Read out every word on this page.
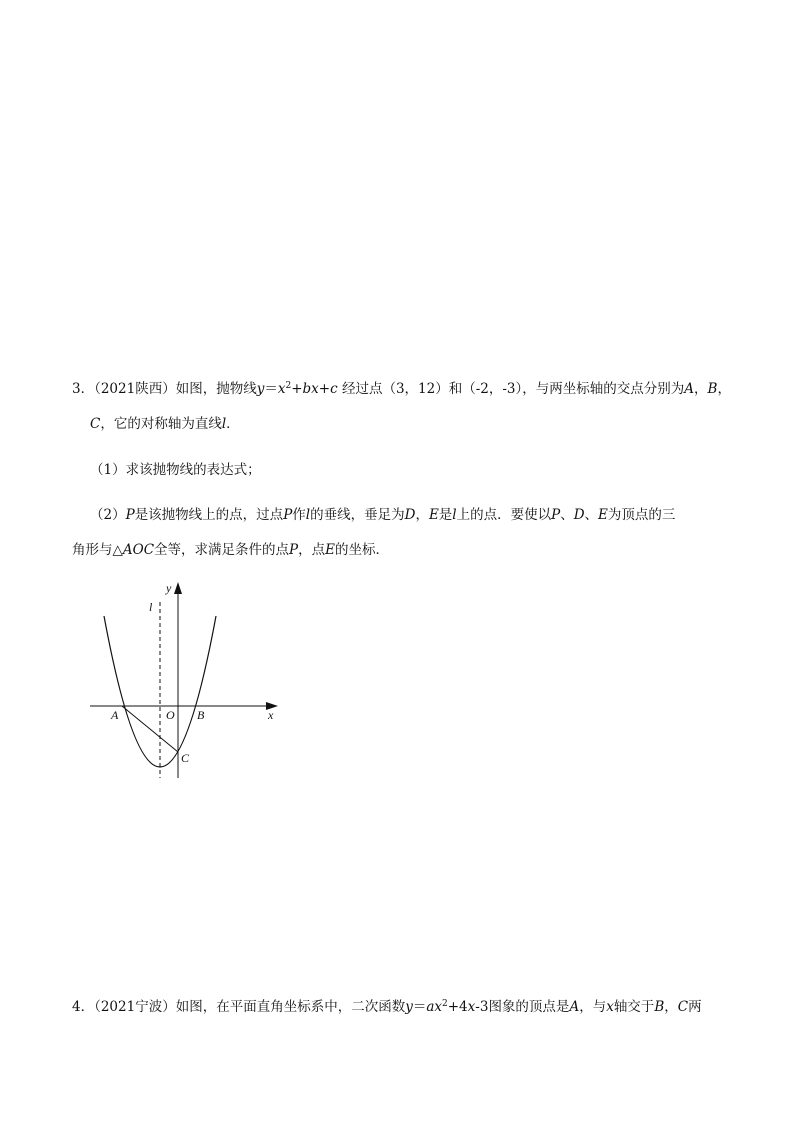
3．（2021陕西）如图，抛物线$y=x^2+bx+c$ 经过点（3，12）和（-2，-3），与两坐标轴的交点分别为A，B，
C，它的对称轴为直线l．
（1）求该抛物线的表达式；
（2）P是该抛物线上的点，过点P作l的垂线，垂足为D，E是l上的点．要使以P、D、E为顶点的三
角形与△AOC全等，求满足条件的点P，点E的坐标．
y
l
A	O B	x
C
4．（2021宁波）如图，在平面直角坐标系中，二次函数$y=ax^2+4x-3$图象的顶点是A，与x轴交于B，C两
